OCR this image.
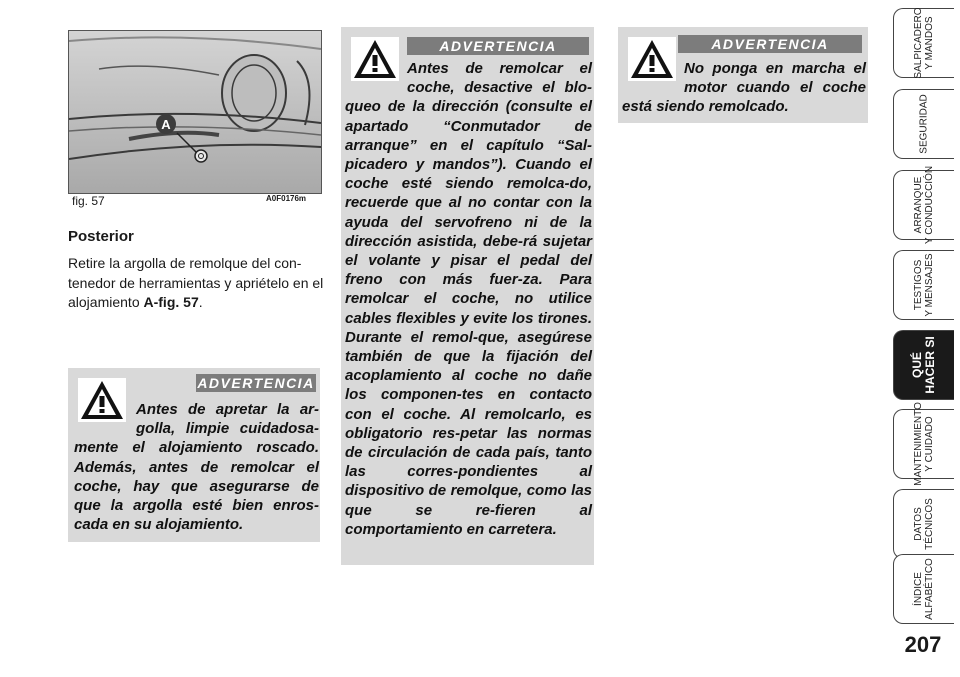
A
fig. 57	A0F0176m
Posterior
Retire la argolla de remolque del con-tenedor de herramientas y apriételo en el alojamiento A-fig. 57.
ADVERTENCIA

Antes de apretar la ar-golla, limpie cuidadosa-mente el alojamiento roscado. Además, antes de remolcar el coche, hay que asegurarse de que la argolla esté bien enros-cada en su alojamiento.

ADVERTENCIA

Antes de remolcar el coche, desactive el blo-queo de la dirección (consulte el apartado “Conmutador de arranque” en el capítulo “Sal-picadero y mandos”). Cuando el coche esté siendo remolca-do, recuerde que al no contar con la ayuda del servofreno ni de la dirección asistida, debe-rá sujetar el volante y pisar el pedal del freno con más fuer-za. Para remolcar el coche, no utilice cables flexibles y evite los tirones. Durante el remol-que, asegúrese también de que la fijación del acoplamiento al coche no dañe los componen-tes en contacto con el coche. Al remolcarlo, es obligatorio res-petar las normas de circulación de cada país, tanto las corres-pondientes al dispositivo de remolque, como las que se re-fieren al comportamiento en carretera.

ADVERTENCIA

No ponga en marcha el motor cuando el coche está siendo remolcado.

SALPICADERO Y MANDOS
SEGURIDAD
ARRANQUE Y CONDUCCIÓN
TESTIGOS Y MENSAJES
QUÉ HACER SI
MANTENIMIENTO Y CUIDADO
DATOS TÉCNICOS
ÍNDICE ALFABÉTICO
207
